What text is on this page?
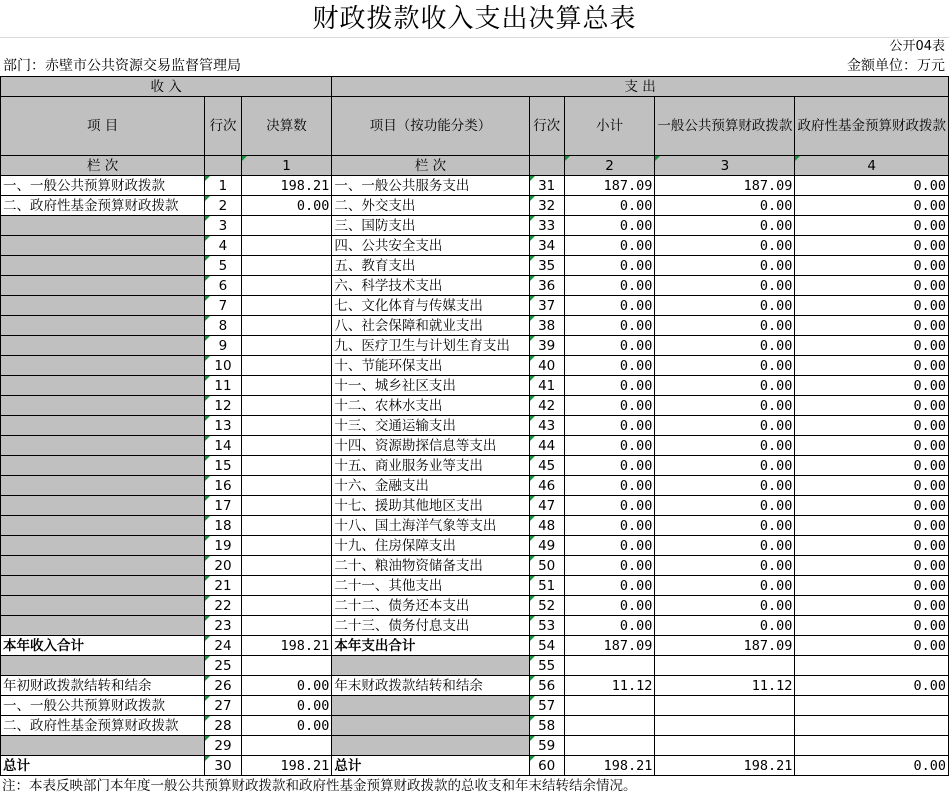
财政拨款收入支出决算总表
公开04表
部门：赤壁市公共资源交易监督管理局	金额单位：万元
收 入			支 出				
项 目	行次	决算数	项目（按功能分类）	行次	小计	一般公共预算财政拨款	政府性基金预算财政拨款
栏 次		1	栏 次		2	3	4
一、一般公共预算财政拨款	1	198.21	一、一般公共服务支出	31	187.09	187.09	0.00
二、政府性基金预算财政拨款	2	0.00	二、外交支出	32	0.00	0.00	0.00
	3		三、国防支出	33	0.00	0.00	0.00
	4		四、公共安全支出	34	0.00	0.00	0.00
	5		五、教育支出	35	0.00	0.00	0.00
	6		六、科学技术支出	36	0.00	0.00	0.00
	7		七、文化体育与传媒支出	37	0.00	0.00	0.00
	8		八、社会保障和就业支出	38	0.00	0.00	0.00
	9		九、医疗卫生与计划生育支出	39	0.00	0.00	0.00
	10		十、节能环保支出	40	0.00	0.00	0.00
	11		十一、城乡社区支出	41	0.00	0.00	0.00
	12		十二、农林水支出	42	0.00	0.00	0.00
	13		十三、交通运输支出	43	0.00	0.00	0.00
	14		十四、资源勘探信息等支出	44	0.00	0.00	0.00
	15		十五、商业服务业等支出	45	0.00	0.00	0.00
	16		十六、金融支出	46	0.00	0.00	0.00
	17		十七、援助其他地区支出	47	0.00	0.00	0.00
	18		十八、国土海洋气象等支出	48	0.00	0.00	0.00
	19		十九、住房保障支出	49	0.00	0.00	0.00
	20		二十、粮油物资储备支出	50	0.00	0.00	0.00
	21		二十一、其他支出	51	0.00	0.00	0.00
	22		二十二、债务还本支出	52	0.00	0.00	0.00
	23		二十三、债务付息支出	53	0.00	0.00	0.00
本年收入合计	24	198.21	本年支出合计	54	187.09	187.09	0.00
	25			55			
年初财政拨款结转和结余	26	0.00	年末财政拨款结转和结余	56	11.12	11.12	0.00
一、一般公共预算财政拨款	27	0.00		57			
二、政府性基金预算财政拨款	28	0.00		58			
	29			59			
总计	30	198.21	总计	60	198.21	198.21	0.00
注：本表反映部门本年度一般公共预算财政拨款和政府性基金预算财政拨款的总收支和年末结转结余情况。
